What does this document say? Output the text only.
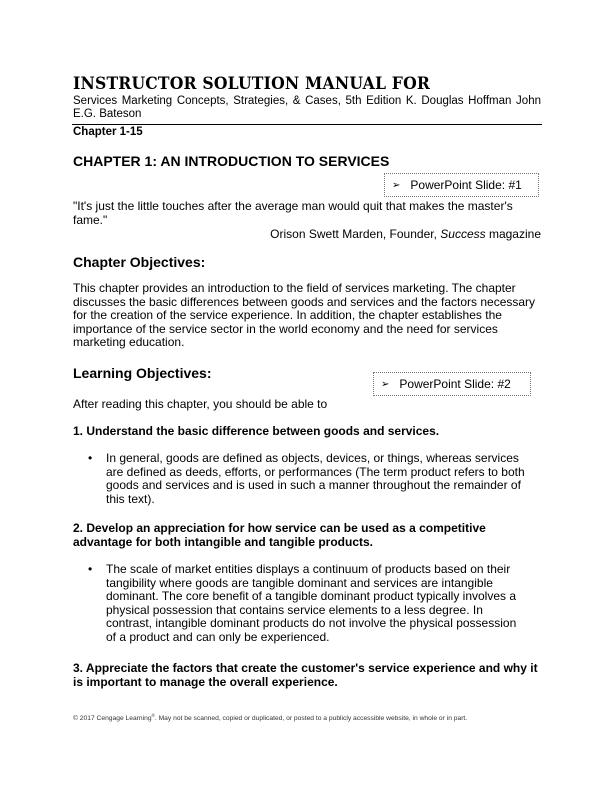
INSTRUCTOR SOLUTION MANUAL FOR
Services Marketing Concepts, Strategies, & Cases, 5th Edition K. Douglas Hoffman John E.G. Bateson
Chapter 1-15
CHAPTER 1: AN INTRODUCTION TO SERVICES
➢ PowerPoint Slide: #1
"It's just the little touches after the average man would quit that makes the master's fame."
Orison Swett Marden, Founder, Success magazine
Chapter Objectives:
This chapter provides an introduction to the field of services marketing. The chapter discusses the basic differences between goods and services and the factors necessary for the creation of the service experience. In addition, the chapter establishes the importance of the service sector in the world economy and the need for services marketing education.
Learning Objectives:
➢ PowerPoint Slide: #2
After reading this chapter, you should be able to
1. Understand the basic difference between goods and services.
•	In general, goods are defined as objects, devices, or things, whereas services are defined as deeds, efforts, or performances (The term product refers to both goods and services and is used in such a manner throughout the remainder of this text).
2. Develop an appreciation for how service can be used as a competitive advantage for both intangible and tangible products.
•	The scale of market entities displays a continuum of products based on their tangibility where goods are tangible dominant and services are intangible dominant. The core benefit of a tangible dominant product typically involves a physical possession that contains service elements to a less degree. In contrast, intangible dominant products do not involve the physical possession of a product and can only be experienced.
3. Appreciate the factors that create the customer's service experience and why it is important to manage the overall experience.
© 2017 Cengage Learning®. May not be scanned, copied or duplicated, or posted to a publicly accessible website, in whole or in part.
